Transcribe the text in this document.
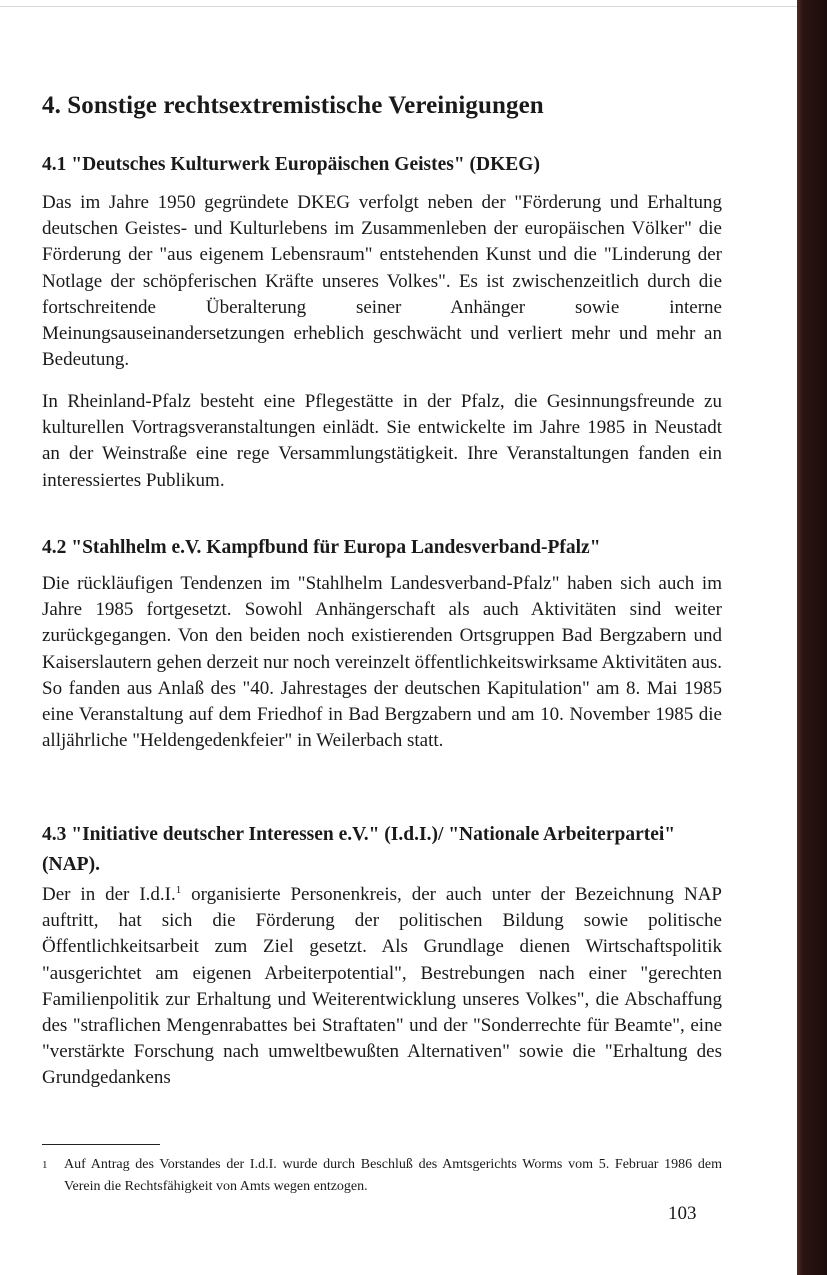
4. Sonstige rechtsextremistische Vereinigungen
4.1 "Deutsches Kulturwerk Europäischen Geistes" (DKEG)

Das im Jahre 1950 gegründete DKEG verfolgt neben der "Förderung und Erhaltung deutschen Geistes- und Kulturlebens im Zusammenleben der europäischen Völker" die Förderung der "aus eigenem Lebensraum" entstehenden Kunst und die "Linderung der Notlage der schöpferischen Kräfte unseres Volkes". Es ist zwischenzeitlich durch die fortschreitende Überalterung seiner Anhänger sowie interne Meinungsauseinandersetzungen erheblich geschwächt und verliert mehr und mehr an Bedeutung.

In Rheinland-Pfalz besteht eine Pflegestätte in der Pfalz, die Gesinnungsfreunde zu kulturellen Vortragsveranstaltungen einlädt. Sie entwickelte im Jahre 1985 in Neustadt an der Weinstraße eine rege Versammlungstätigkeit. Ihre Veranstaltungen fanden ein interessiertes Publikum.

4.2 "Stahlhelm e.V. Kampfbund für Europa Landesverband-Pfalz"

Die rückläufigen Tendenzen im "Stahlhelm Landesverband-Pfalz" haben sich auch im Jahre 1985 fortgesetzt. Sowohl Anhängerschaft als auch Aktivitäten sind weiter zurückgegangen. Von den beiden noch existierenden Ortsgruppen Bad Bergzabern und Kaiserslautern gehen derzeit nur noch vereinzelt öffentlichkeitswirksame Aktivitäten aus. So fanden aus Anlaß des "40. Jahrestages der deutschen Kapitulation" am 8. Mai 1985 eine Veranstaltung auf dem Friedhof in Bad Bergzabern und am 10. November 1985 die alljährliche "Heldengedenkfeier" in Weilerbach statt.

4.3 "Initiative deutscher Interessen e.V." (I.d.I.)/ "Nationale Arbeiterpartei" (NAP).

Der in der I.d.I.$^1$ organisierte Personenkreis, der auch unter der Bezeichnung NAP auftritt, hat sich die Förderung der politischen Bildung sowie politische Öffentlichkeitsarbeit zum Ziel gesetzt. Als Grundlage dienen Wirtschaftspolitik "ausgerichtet am eigenen Arbeiterpotential", Bestrebungen nach einer "gerechten Familienpolitik zur Erhaltung und Weiterentwicklung unseres Volkes", die Abschaffung des "straflichen Mengenrabattes bei Straftaten" und der "Sonderrechte für Beamte", eine "verstärkte Forschung nach umweltbewußten Alternativen" sowie die "Erhaltung des Grundgedankens

1 Auf Antrag des Vorstandes der I.d.I. wurde durch Beschluß des Amtsgerichts Worms vom 5. Februar 1986 dem Verein die Rechtsfähigkeit von Amts wegen entzogen.
103
